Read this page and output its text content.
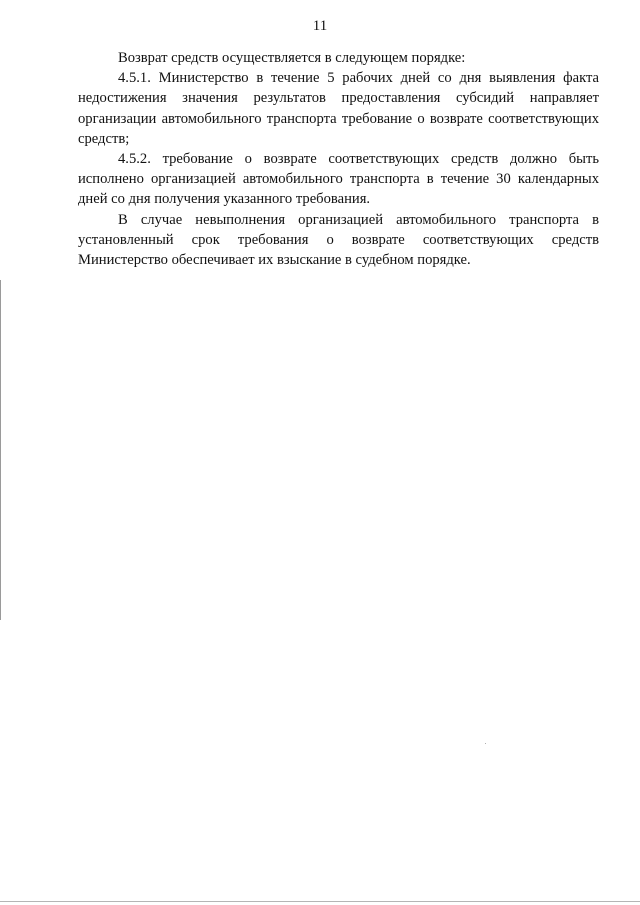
11

Возврат средств осуществляется в следующем порядке:

4.5.1. Министерство в течение 5 рабочих дней со дня выявления факта недостижения значения результатов предоставления субсидий направляет организации автомобильного транспорта требование о возврате соответствующих средств;

4.5.2. требование о возврате соответствующих средств должно быть исполнено организацией автомобильного транспорта в течение 30 календарных дней со дня получения указанного требования.

В случае невыполнения организацией автомобильного транспорта в установленный срок требования о возврате соответствующих средств Министерство обеспечивает их взыскание в судебном порядке.
